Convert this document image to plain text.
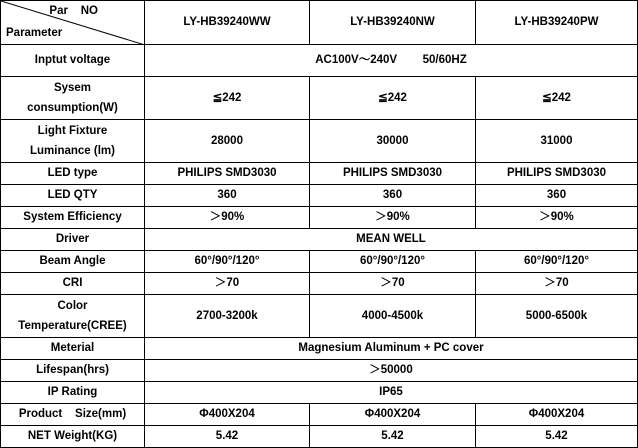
Par    NO
Parameter	LY-HB39240WW	LY-HB39240NW	LY-HB39240PW
Inptut voltage	AC100V～240V        50/60HZ		
Sysem
consumption(W)	≦242	≦242	≦242
Light Fixture
Luminance (lm)	28000	30000	31000
LED type	PHILIPS SMD3030	PHILIPS SMD3030	PHILIPS SMD3030
LED QTY	360	360	360
System Efficiency	＞90%	＞90%	＞90%
Driver	MEAN WELL		
Beam Angle	60°/90°/120°	60°/90°/120°	60°/90°/120°
CRI	＞70	＞70	＞70
Color
Temperature(CREE)	2700-3200k	4000-4500k	5000-6500k
Meterial	Magnesium Aluminum + PC cover		
Lifespan(hrs)	＞50000		
IP Rating	IP65		
Product    Size(mm)	Φ400X204	Φ400X204	Φ400X204
NET Weight(KG)	5.42	5.42	5.42
